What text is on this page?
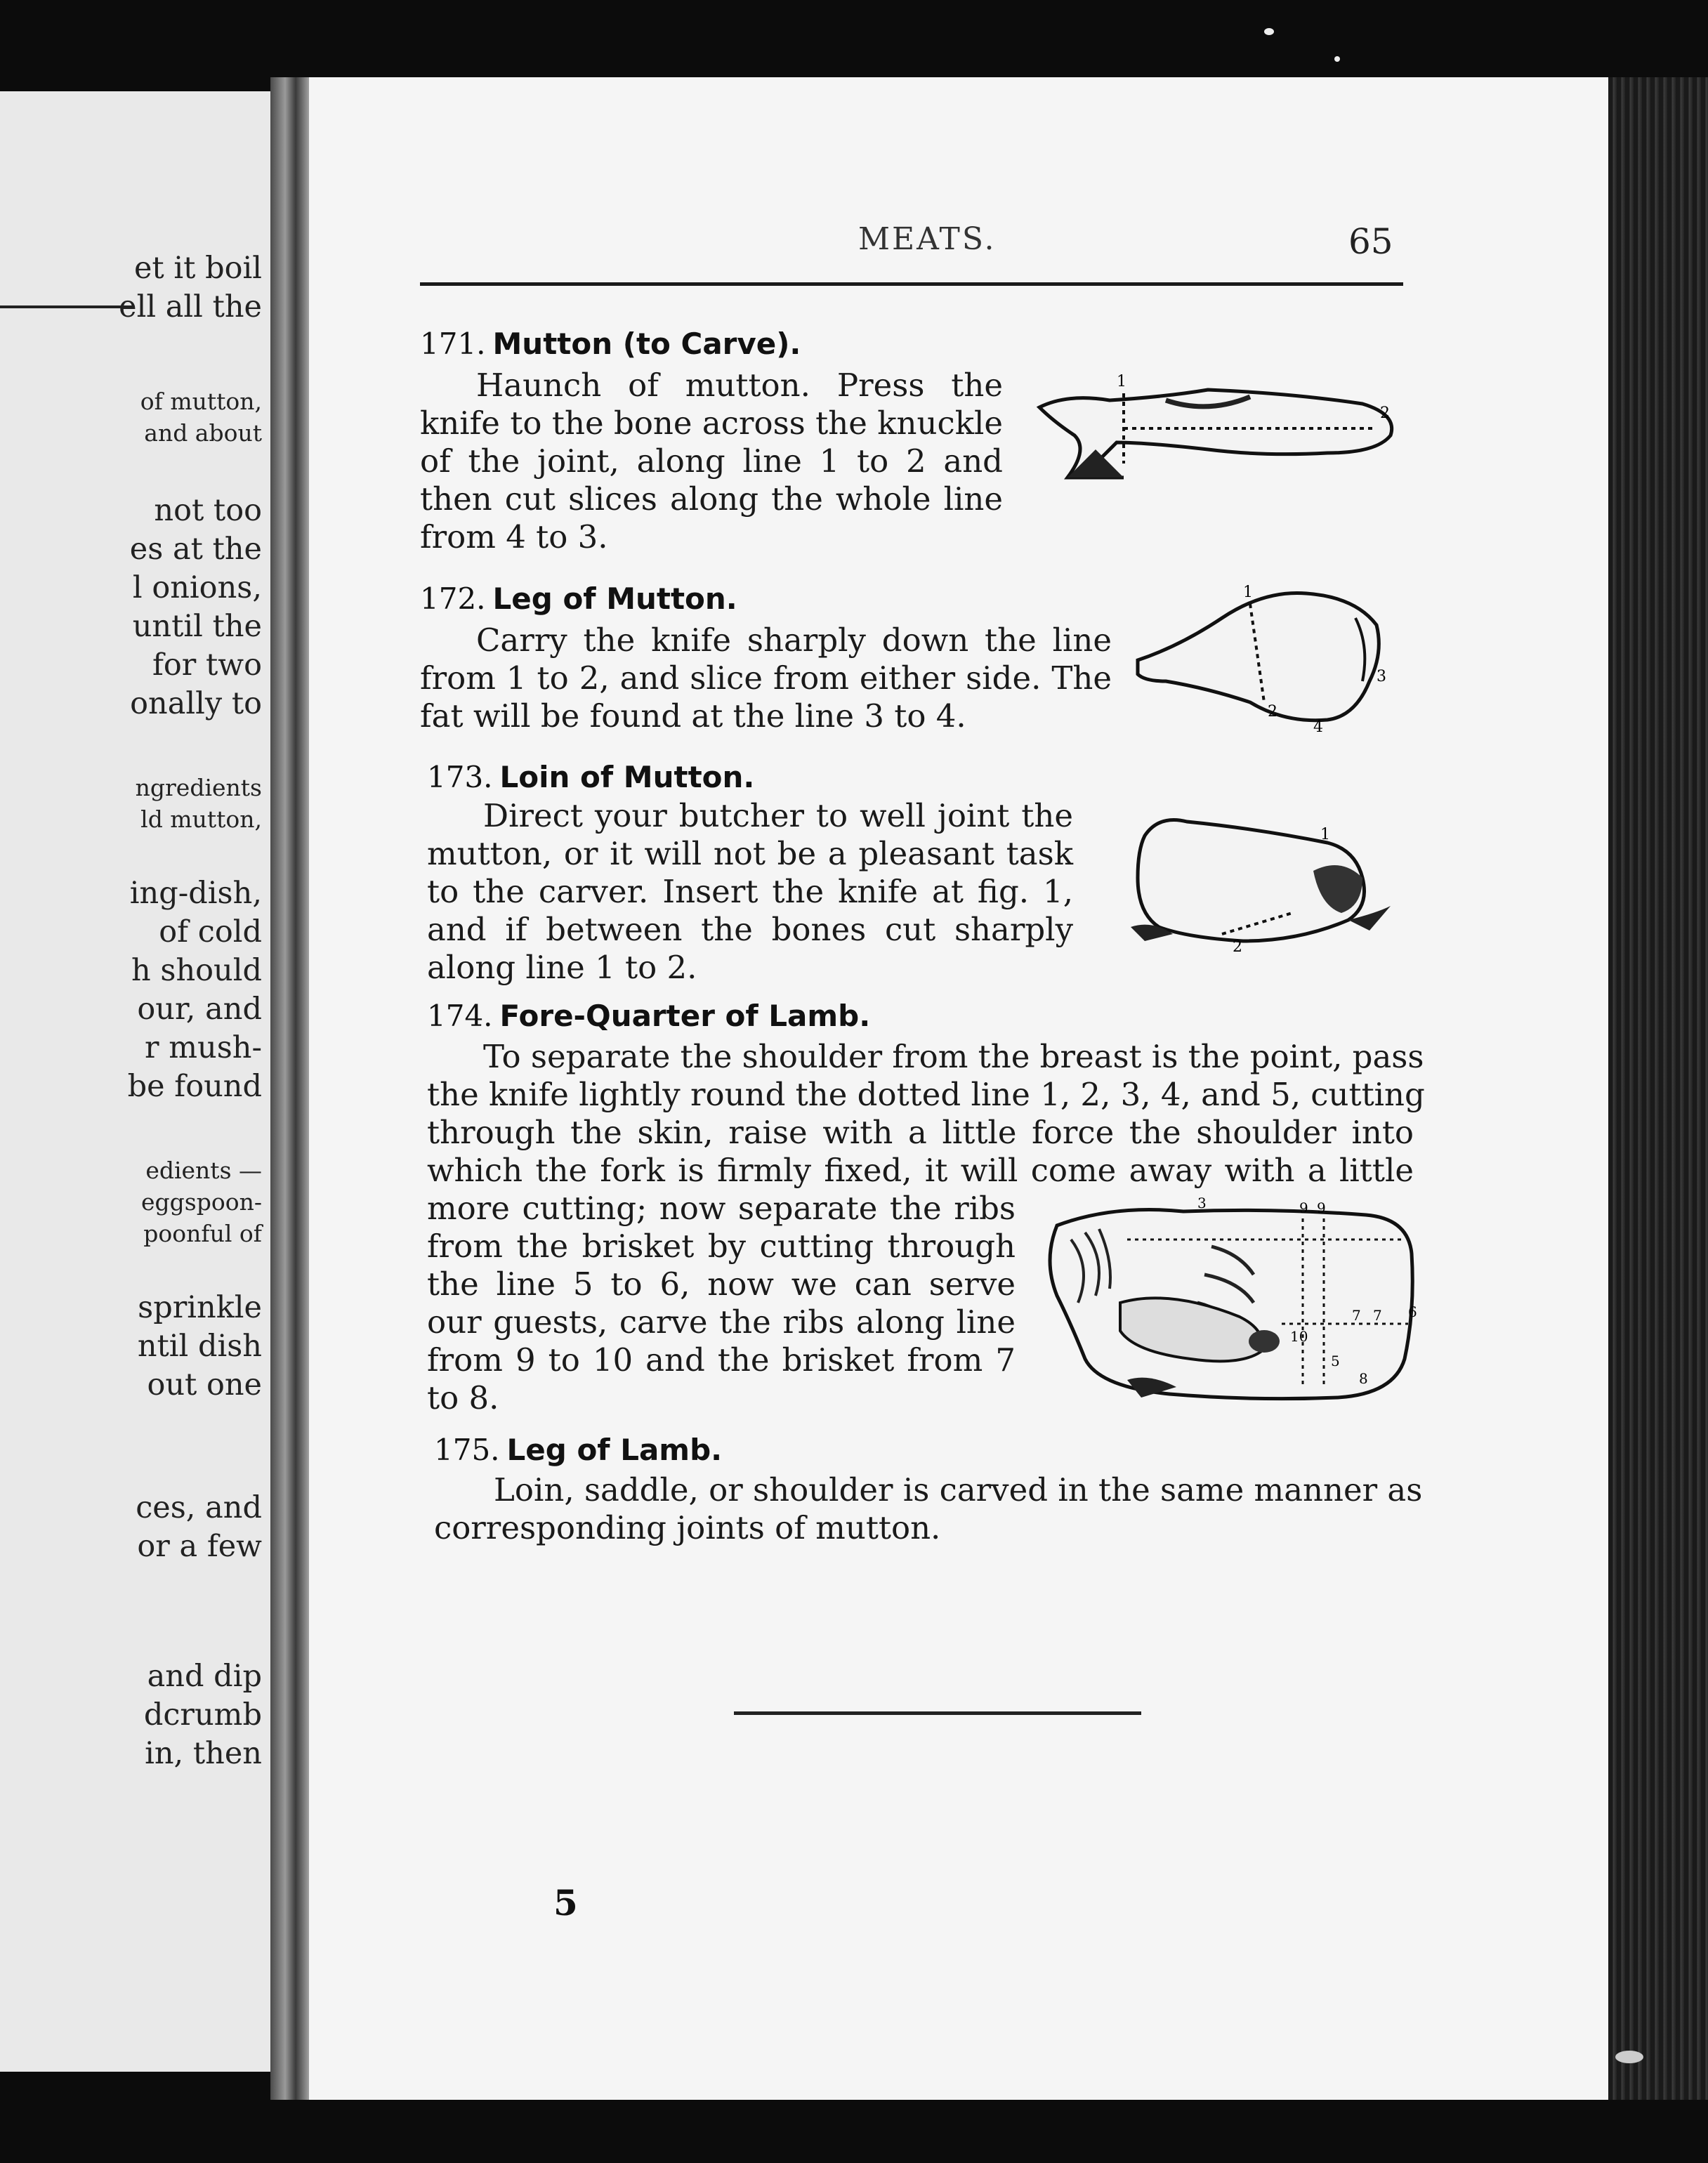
et it boil
ell all the
of mutton,
and about
not too
es at the
l onions,
until the
for two
onally to
ngredients
ld mutton,
ing-dish,
of cold
h should
our, and
r mush-
be found
edients —
eggspoon-
poonful of
sprinkle
ntil dish
out one
ces, and
or a few
and dip
dcrumb
in, then
MEATS.	65
171. Mutton (to Carve).
Haunch of mutton. Press the
knife to the bone across the knuckle
of the joint, along line 1 to 2 and
then cut slices along the whole line
from 4 to 3.
1
2
172. Leg of Mutton.
Carry the knife sharply down the line
from 1 to 2, and slice from either side. The
fat will be found at the line 3 to 4.
1
2
3
4
173. Loin of Mutton.
Direct your butcher to well joint the
mutton, or it will not be a pleasant task
to the carver. Insert the knife at fig. 1,
and if between the bones cut sharply
along line 1 to 2.
1
2
174. Fore-Quarter of Lamb.
To separate the shoulder from the breast is the point, pass
the knife lightly round the dotted line 1, 2, 3, 4, and 5, cutting
through the skin, raise with a little force the shoulder into
which the fork is firmly fixed, it will come away with a little
more cutting; now separate the ribs
from the brisket by cutting through
the line 5 to 6, now we can serve
our guests, carve the ribs along line
from 9 to 10 and the brisket from 7
to 8.
3	9 9
10
7 7
8
6
5
175. Leg of Lamb.
Loin, saddle, or shoulder is carved in the same manner as
corresponding joints of mutton.
5
